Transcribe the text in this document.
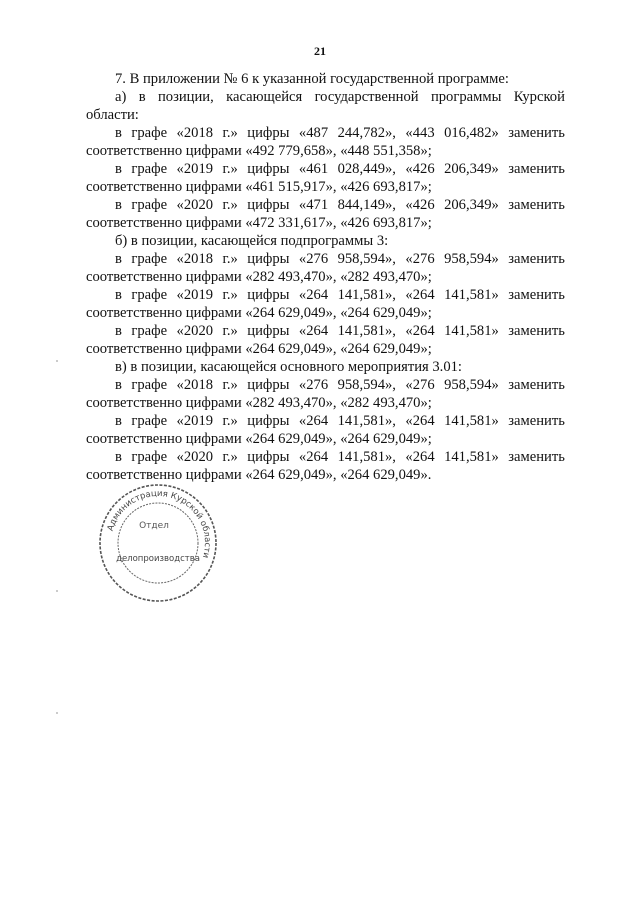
21
7. В приложении № 6 к указанной государственной программе:
а) в позиции, касающейся государственной программы Курской
области:
в графе «2018 г.» цифры «487 244,782», «443 016,482» заменить
соответственно цифрами «492 779,658», «448 551,358»;
в графе «2019 г.» цифры «461 028,449», «426 206,349» заменить
соответственно цифрами «461 515,917», «426 693,817»;
в графе «2020 г.» цифры «471 844,149», «426 206,349» заменить
соответственно цифрами «472 331,617», «426 693,817»;
б) в позиции, касающейся подпрограммы 3:
в графе «2018 г.» цифры «276 958,594», «276 958,594» заменить
соответственно цифрами «282 493,470», «282 493,470»;
в графе «2019 г.» цифры «264 141,581», «264 141,581» заменить
соответственно цифрами «264 629,049», «264 629,049»;
в графе «2020 г.» цифры «264 141,581», «264 141,581» заменить
соответственно цифрами «264 629,049», «264 629,049»;
в) в позиции, касающейся основного мероприятия 3.01:
в графе «2018 г.» цифры «276 958,594», «276 958,594» заменить
соответственно цифрами «282 493,470», «282 493,470»;
в графе «2019 г.» цифры «264 141,581», «264 141,581» заменить
соответственно цифрами «264 629,049», «264 629,049»;
в графе «2020 г.» цифры «264 141,581», «264 141,581» заменить
соответственно цифрами «264 629,049», «264 629,049».
Администрация Курской области
Отдел
делопроизводства
